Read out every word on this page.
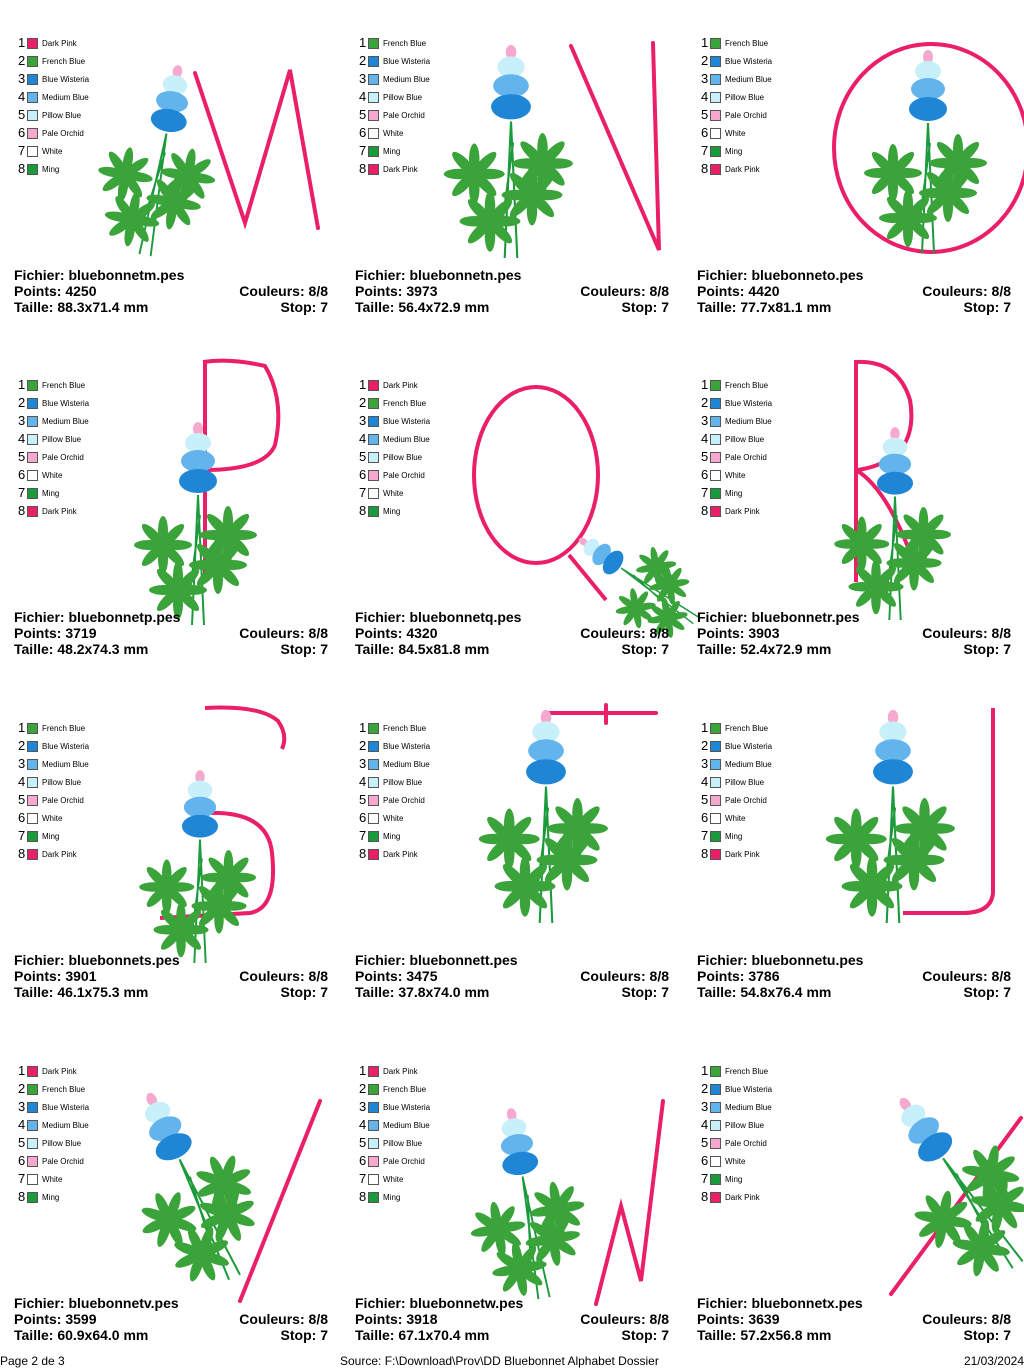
1 Dark Pink
2 French Blue
3 Blue Wisteria
4 Medium Blue
5 Pillow Blue
6 Pale Orchid
7 White
8 Ming
Fichier: bluebonnetm.pes
Points: 4250	Couleurs: 8/8
Taille: 88.3x71.4 mm	Stop: 7
1 French Blue
2 Blue Wisteria
3 Medium Blue
4 Pillow Blue
5 Pale Orchid
6 White
7 Ming
8 Dark Pink
Fichier: bluebonnetn.pes
Points: 3973	Couleurs: 8/8
Taille: 56.4x72.9 mm	Stop: 7
1 French Blue
2 Blue Wisteria
3 Medium Blue
4 Pillow Blue
5 Pale Orchid
6 White
7 Ming
8 Dark Pink
Fichier: bluebonneto.pes
Points: 4420	Couleurs: 8/8
Taille: 77.7x81.1 mm	Stop: 7
1 French Blue
2 Blue Wisteria
3 Medium Blue
4 Pillow Blue
5 Pale Orchid
6 White
7 Ming
8 Dark Pink
Fichier: bluebonnetp.pes
Points: 3719	Couleurs: 8/8
Taille: 48.2x74.3 mm	Stop: 7
1 Dark Pink
2 French Blue
3 Blue Wisteria
4 Medium Blue
5 Pillow Blue
6 Pale Orchid
7 White
8 Ming
Fichier: bluebonnetq.pes
Points: 4320	Couleurs: 8/8
Taille: 84.5x81.8 mm	Stop: 7
1 French Blue
2 Blue Wisteria
3 Medium Blue
4 Pillow Blue
5 Pale Orchid
6 White
7 Ming
8 Dark Pink
Fichier: bluebonnetr.pes
Points: 3903	Couleurs: 8/8
Taille: 52.4x72.9 mm	Stop: 7
1 French Blue
2 Blue Wisteria
3 Medium Blue
4 Pillow Blue
5 Pale Orchid
6 White
7 Ming
8 Dark Pink
Fichier: bluebonnets.pes
Points: 3901	Couleurs: 8/8
Taille: 46.1x75.3 mm	Stop: 7
1 French Blue
2 Blue Wisteria
3 Medium Blue
4 Pillow Blue
5 Pale Orchid
6 White
7 Ming
8 Dark Pink
Fichier: bluebonnett.pes
Points: 3475	Couleurs: 8/8
Taille: 37.8x74.0 mm	Stop: 7
1 French Blue
2 Blue Wisteria
3 Medium Blue
4 Pillow Blue
5 Pale Orchid
6 White
7 Ming
8 Dark Pink
Fichier: bluebonnetu.pes
Points: 3786	Couleurs: 8/8
Taille: 54.8x76.4 mm	Stop: 7
1 Dark Pink
2 French Blue
3 Blue Wisteria
4 Medium Blue
5 Pillow Blue
6 Pale Orchid
7 White
8 Ming
Fichier: bluebonnetv.pes
Points: 3599	Couleurs: 8/8
Taille: 60.9x64.0 mm	Stop: 7
1 Dark Pink
2 French Blue
3 Blue Wisteria
4 Medium Blue
5 Pillow Blue
6 Pale Orchid
7 White
8 Ming
Fichier: bluebonnetw.pes
Points: 3918	Couleurs: 8/8
Taille: 67.1x70.4 mm	Stop: 7
1 French Blue
2 Blue Wisteria
3 Medium Blue
4 Pillow Blue
5 Pale Orchid
6 White
7 Ming
8 Dark Pink
Fichier: bluebonnetx.pes
Points: 3639	Couleurs: 8/8
Taille: 57.2x56.8 mm	Stop: 7
Page 2 de 3	Source: F:\Download\Prov\DD Bluebonnet Alphabet Dossier	21/03/2024
